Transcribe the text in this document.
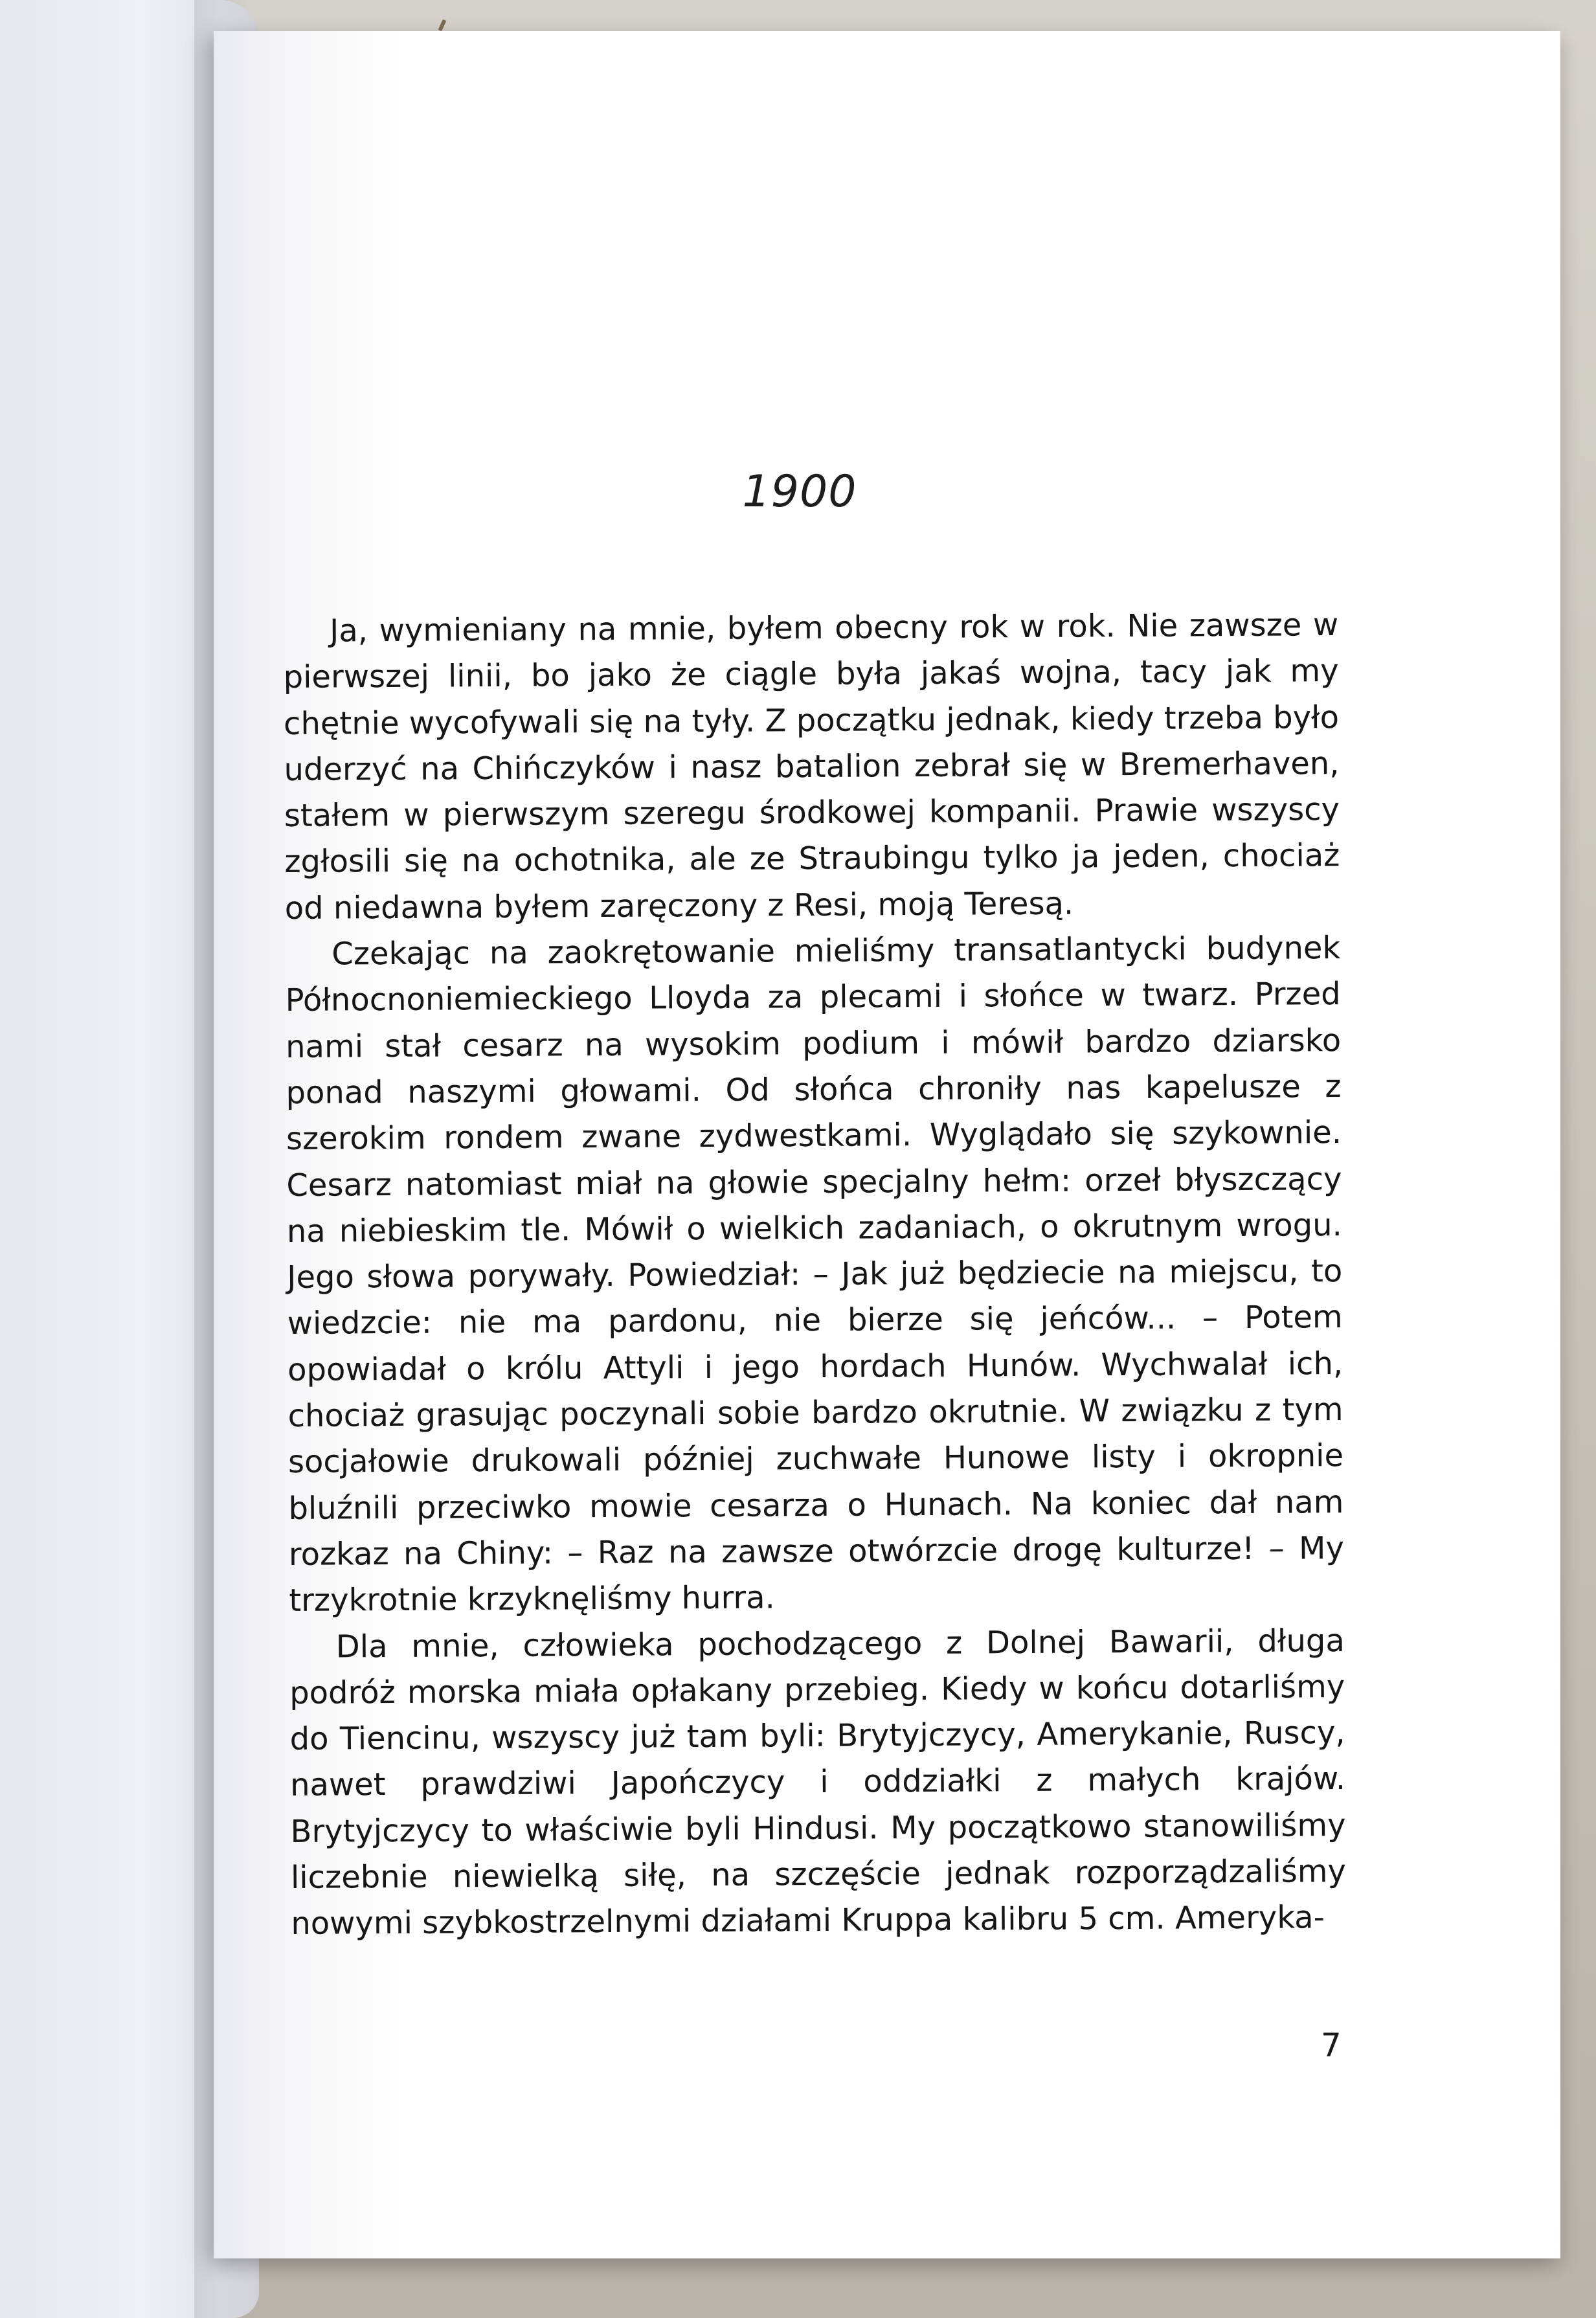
1900

Ja, wymieniany na mnie, byłem obecny rok w rok. Nie zawsze w pierwszej linii, bo jako że ciągle była jakaś wojna, tacy jak my chętnie wycofywali się na tyły. Z początku jednak, kiedy trzeba było uderzyć na Chińczyków i nasz batalion zebrał się w Bremerhaven, stałem w pierwszym szeregu środkowej kompanii. Prawie wszyscy zgłosili się na ochotnika, ale ze Straubingu tylko ja jeden, chociaż od niedawna byłem zaręczony z Resi, moją Teresą.

Czekając na zaokrętowanie mieliśmy transatlantycki budynek Północnoniemieckiego Lloyda za plecami i słońce w twarz. Przed nami stał cesarz na wysokim podium i mówił bardzo dziarsko ponad naszymi głowami. Od słońca chroniły nas kapelusze z szerokim rondem zwane zydwestkami. Wyglądało się szykownie. Cesarz natomiast miał na głowie specjalny hełm: orzeł błyszczący na niebieskim tle. Mówił o wielkich zadaniach, o okrutnym wrogu. Jego słowa porywały. Powiedział: – Jak już będziecie na miejscu, to wiedzcie: nie ma pardonu, nie bierze się jeńców... – Potem opowiadał o królu Attyli i jego hordach Hunów. Wychwalał ich, chociaż grasując poczynali sobie bardzo okrutnie. W związku z tym socjałowie drukowali później zuchwałe Hunowe listy i okropnie bluźnili przeciwko mowie cesarza o Hunach. Na koniec dał nam rozkaz na Chiny: – Raz na zawsze otwórzcie drogę kulturze! – My trzykrotnie krzyknęliśmy hurra.

Dla mnie, człowieka pochodzącego z Dolnej Bawarii, długa podróż morska miała opłakany przebieg. Kiedy w końcu dotarliśmy do Tiencinu, wszyscy już tam byli: Brytyjczycy, Amerykanie, Ruscy, nawet prawdziwi Japończycy i oddziałki z małych krajów. Brytyjczycy to właściwie byli Hindusi. My początkowo stanowiliśmy liczebnie niewielką siłę, na szczęście jednak rozporządzaliśmy nowymi szybkostrzelnymi działami Kruppa kalibru 5 cm. Ameryka-

7
